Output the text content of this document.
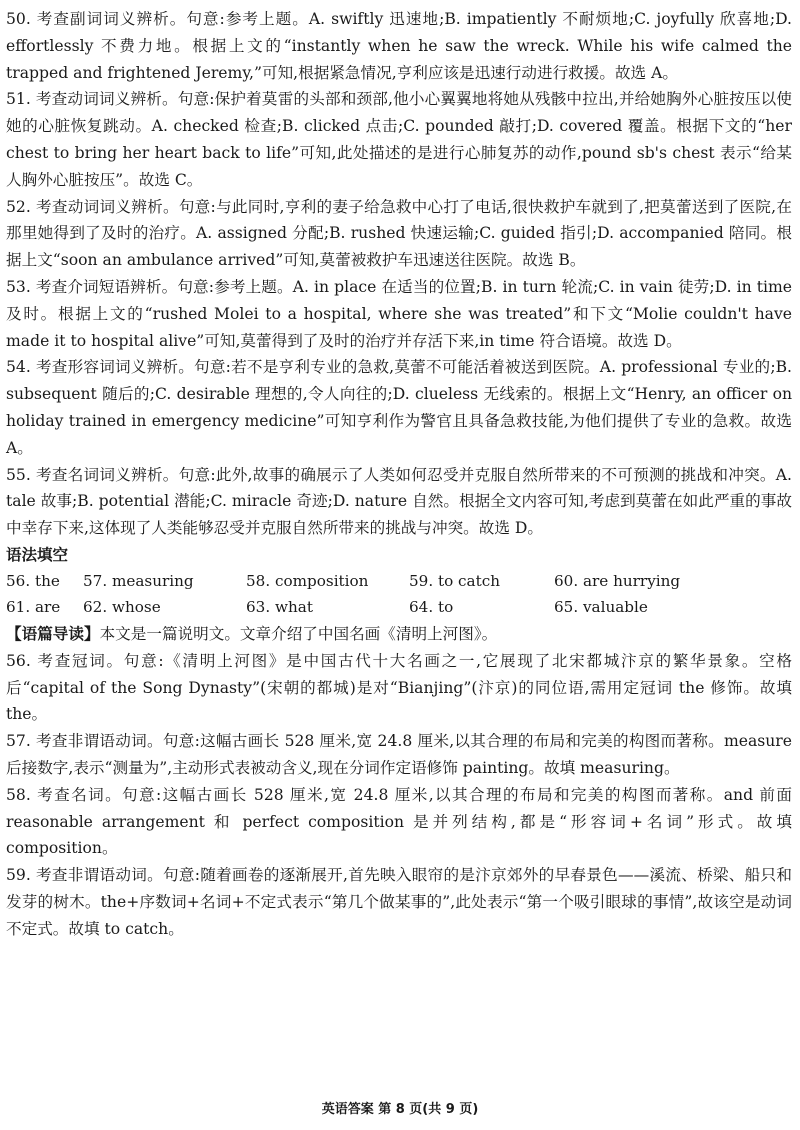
50. 考查副词词义辨析。句意:参考上题。A. swiftly 迅速地;B. impatiently 不耐烦地;C. joyfully 欣喜地;D. effortlessly 不费力地。根据上文的“instantly when he saw the wreck. While his wife calmed the trapped and frightened Jeremy,”可知,根据紧急情况,亨利应该是迅速行动进行救援。故选 A。

51. 考查动词词义辨析。句意:保护着莫雷的头部和颈部,他小心翼翼地将她从残骸中拉出,并给她胸外心脏按压以使她的心脏恢复跳动。A. checked 检查;B. clicked 点击;C. pounded 敲打;D. covered 覆盖。根据下文的“her chest to bring her heart back to life”可知,此处描述的是进行心肺复苏的动作,pound sb's chest 表示“给某人胸外心脏按压”。故选 C。

52. 考查动词词义辨析。句意:与此同时,亨利的妻子给急救中心打了电话,很快救护车就到了,把莫蕾送到了医院,在那里她得到了及时的治疗。A. assigned 分配;B. rushed 快速运输;C. guided 指引;D. accompanied 陪同。根据上文“soon an ambulance arrived”可知,莫蕾被救护车迅速送往医院。故选 B。

53. 考查介词短语辨析。句意:参考上题。A. in place 在适当的位置;B. in turn 轮流;C. in vain 徒劳;D. in time 及时。根据上文的“rushed Molei to a hospital, where she was treated”和下文“Molie couldn't have made it to hospital alive”可知,莫蕾得到了及时的治疗并存活下来,in time 符合语境。故选 D。

54. 考查形容词词义辨析。句意:若不是亨利专业的急救,莫蕾不可能活着被送到医院。A. professional 专业的;B. subsequent 随后的;C. desirable 理想的,令人向往的;D. clueless 无线索的。根据上文“Henry, an officer on holiday trained in emergency medicine”可知亨利作为警官且具备急救技能,为他们提供了专业的急救。故选 A。

55. 考查名词词义辨析。句意:此外,故事的确展示了人类如何忍受并克服自然所带来的不可预测的挑战和冲突。A. tale 故事;B. potential 潜能;C. miracle 奇迹;D. nature 自然。根据全文内容可知,考虑到莫蕾在如此严重的事故中幸存下来,这体现了人类能够忍受并克服自然所带来的挑战与冲突。故选 D。

语法填空

56. the	57. measuring	58. composition	59. to catch	60. are hurrying
61. are	62. whose	63. what	64. to	65. valuable

【语篇导读】本文是一篇说明文。文章介绍了中国名画《清明上河图》。

56. 考查冠词。句意:《清明上河图》是中国古代十大名画之一,它展现了北宋都城汴京的繁华景象。空格后“capital of the Song Dynasty”(宋朝的都城)是对“Bianjing”(汴京)的同位语,需用定冠词 the 修饰。故填 the。

57. 考查非谓语动词。句意:这幅古画长 528 厘米,宽 24.8 厘米,以其合理的布局和完美的构图而著称。measure 后接数字,表示“测量为”,主动形式表被动含义,现在分词作定语修饰 painting。故填 measuring。

58. 考查名词。句意:这幅古画长 528 厘米,宽 24.8 厘米,以其合理的布局和完美的构图而著称。and 前面 reasonable arrangement 和 perfect composition 是并列结构,都是“形容词+名词”形式。故填 composition。

59. 考查非谓语动词。句意:随着画卷的逐渐展开,首先映入眼帘的是汴京郊外的早春景色——溪流、桥梁、船只和发芽的树木。the+序数词+名词+不定式表示“第几个做某事的”,此处表示“第一个吸引眼球的事情”,故该空是动词不定式。故填 to catch。

英语答案 第 8 页(共 9 页)
